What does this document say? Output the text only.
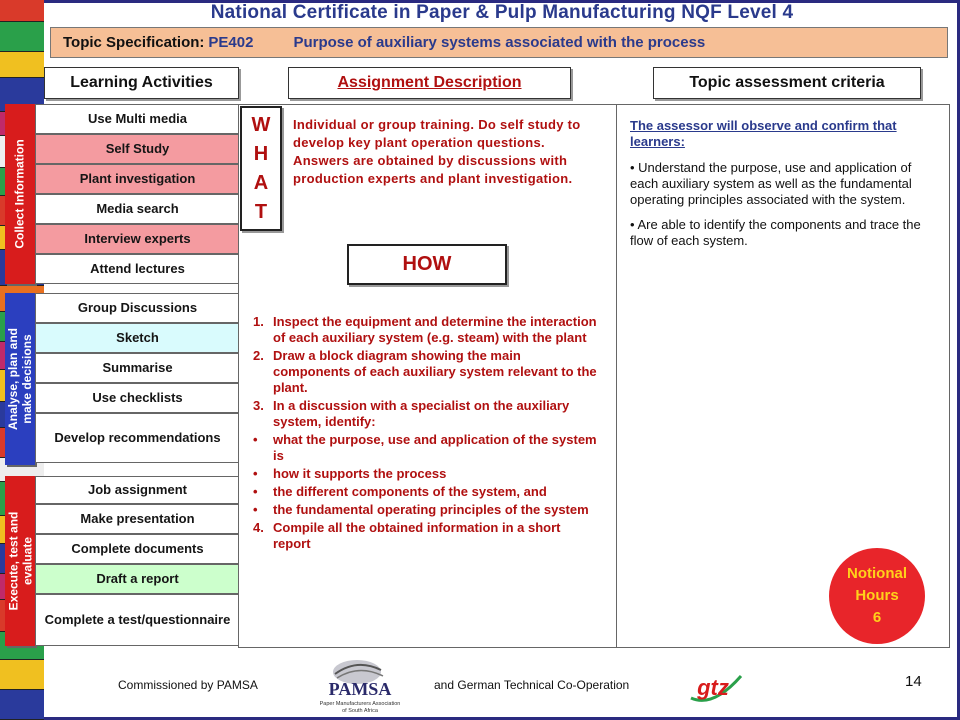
National Certificate in Paper & Pulp Manufacturing NQF Level 4
Topic Specification: PE402	Purpose of auxiliary systems associated with the process
Learning Activities	Assignment Description	Topic assessment criteria
Collect Information
Analyse, plan and make decisions
Execute, test and evaluate
Use Multi media
Self Study
Plant investigation
Media search
Interview experts
Attend lectures
Group Discussions
Sketch
Summarise
Use checklists
Develop recommendations
Job assignment
Make presentation
Complete documents
Draft a report
Complete a test/questionnaire
W
H
A
T
Individual or group training. Do self study to develop key plant operation questions. Answers are obtained by discussions with production experts and plant investigation.
HOW
1. Inspect the equipment and determine the interaction of each auxiliary system (e.g. steam) with the plant
2. Draw a block diagram showing the main components of each auxiliary system relevant to the plant.
3. In a discussion with a specialist on the auxiliary system, identify:
•	what the purpose, use and application of the system is
•	how it supports the process
•	the different components of the system, and
•	the fundamental operating principles of the system
4. Compile all the obtained information in a short report
The assessor will observe and confirm that learners:
• Understand the purpose, use and application of each auxiliary system as well as the fundamental operating principles associated with the system.
• Are able to identify the components and trace the flow of each system.
Notional
Hours
6
Commissioned by PAMSA	PAMSA
Paper Manufacturers Association
of South Africa
and German Technical Co-Operation	gtz	14
